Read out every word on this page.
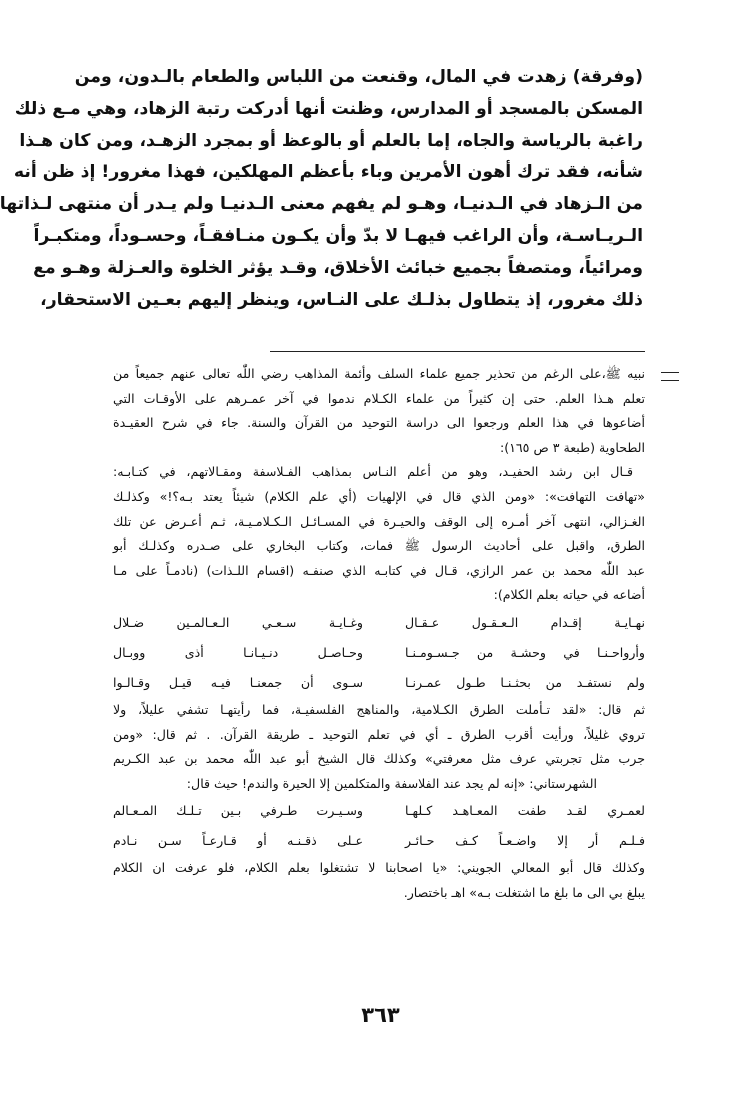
(وفرقة) زهدت في المال، وقنعت من اللباس والطعام بالـدون، ومن
المسكن بالمسجد أو المدارس، وظنت أنها أدركت رتبة الزهاد، وهي مـع ذلك
راغبة بالرياسة والجاه، إما بالعلم أو بالوعظ أو بمجرد الزهـد، ومن كان هـذا
شأنه، فقد ترك أهون الأمرين وباء بأعظم المهلكين، فهذا مغرور! إذ ظن أنه
من الـزهاد في الـدنيـا، وهـو لم يفهم معنى الـدنيـا ولم يـدر أن منتهى لـذاتها
الـريـاسـة، وأن الراغب فيهـا لا بدّ وأن يكـون منـافقـاً، وحسـوداً، ومتكبـراً
ومرائياً، ومتصفاً بجميع خبائث الأخلاق، وقـد يؤثر الخلوة والعـزلة وهـو مع
ذلك مغرور، إذ يتطاول بذلـك على النـاس، وينظر إليهم بعـين الاستحقار،
نبيه ﷺ،على الرغم من تحذير جميع علماء السلف وأئمة المذاهب رضي اللّٰه تعالى عنهم جميعاً من
تعلم هـذا العلم. حتى إن كثيراً من علماء الكـلام ندموا في آخر عمـرهم على الأوقـات التي
أضاعوها في هذا العلم ورجعوا الى دراسة التوحيد من القرآن والسنة. جاء في شرح العقيـدة
الطحاوية (طبعة ٣ ص ١٦٥):
قـال ابن رشد الحفيـد، وهو من أعلم النـاس بمذاهب الفـلاسفة ومقـالاتهم، في كتـابـه:
«تهافت التهافت»: «ومن الذي قال في الإلهيات (أي علم الكلام) شيئاً يعتد بـه؟!» وكذلـك
الغـزالي، انتهى آخر أمـره إلى الوقف والحيـرة في المسـائـل الـكـلامـيـة، ثـم أعـرض عن تلك
الطرق، واقبل على أحاديث الرسول ﷺ فمات، وكتاب البخاري على صـدره وكذلـك أبو
عبد اللّٰه محمد بن عمر الرازي، قـال في كتابـه الذي صنفـه (اقسام اللـذات) (نادمـاً على مـا
أضاعه في حياته بعلم الكلام):
نهـايـة إقـدام الـعـقـول عـقـال
وغـايـة سـعـي الـعـالمـين ضـلال
وأرواحـنـا في وحشـة من جـسـومـنـا
وحـاصـل دنـيـانـا أذى ووبـال
ولم نستفـد من بحثـنـا طـول عمـرنـا
سـوى أن جمعنـا فيـه قيـل وقـالـوا
ثم قال: «لقد تـأملت الطرق الكـلامية، والمناهج الفلسفيـة، فما رأيتهـا تشفي عليلاً، ولا
تروي غليلاً، ورأيت أقرب الطرق ـ أي في تعلم التوحيد ـ طريقة القرآن. . ثم قال: «ومن
جرب مثل تجربتي عرف مثل معرفتي» وكذلك قال الشيخ أبو عبد اللّٰه محمد بن عبد الكـريم
الشهرستاني: «إنه لم يجد عند الفلاسفة والمتكلمين إلا الحيرة والندم! حيث قال:
لعمـري لقـد طفت المعـاهـد كـلهـا
وسـيـرت طـرفي بـين تـلـك المـعـالم
فـلـم أر إلا واضـعـاً كـف حـائـر
عـلى ذقـنـه أو قـارعـاً سـن نـادم
وكذلك قال أبو المعالي الجويني: «يا اصحابنا لا تشتغلوا بعلم الكلام، فلو عرفت ان الكلام
يبلغ بي الى ما بلغ ما اشتغلت بـه» اهـ باختصار.
٣٦٣
